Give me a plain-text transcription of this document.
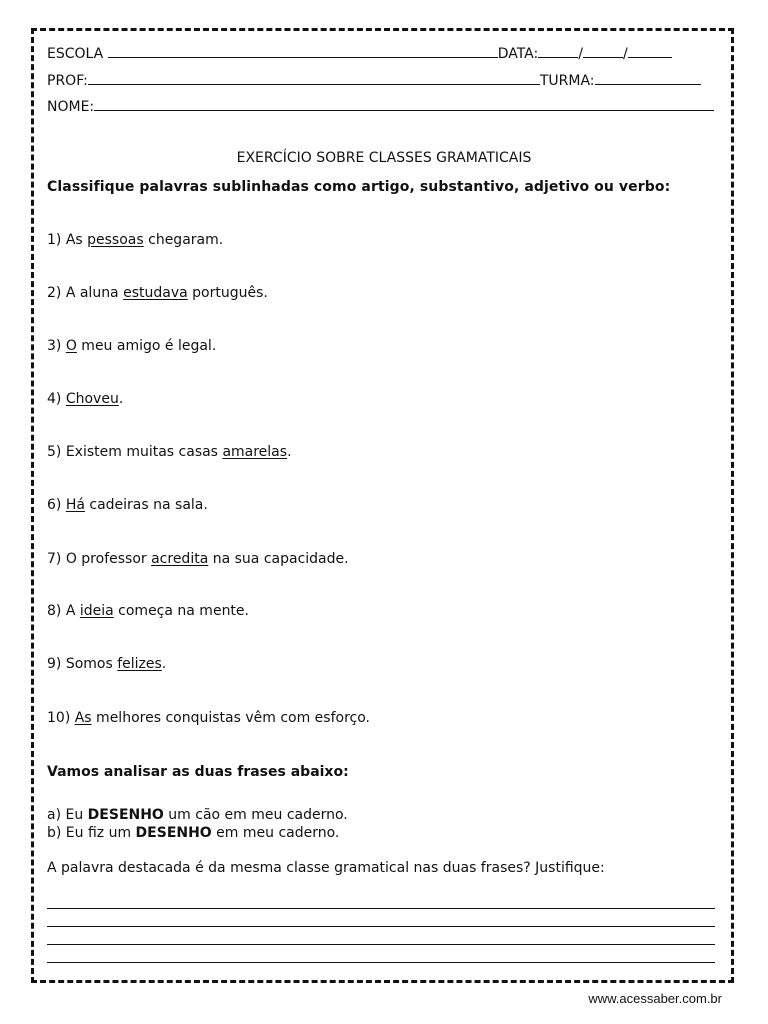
ESCOLA	DATA:	/	/
PROF:	TURMA:
NOME:
EXERCÍCIO SOBRE CLASSES GRAMATICAIS
Classifique palavras sublinhadas como artigo, substantivo, adjetivo ou verbo:
1) As pessoas chegaram.
2) A aluna estudava português.
3) O meu amigo é legal.
4) Choveu.
5) Existem muitas casas amarelas.
6) Há cadeiras na sala.
7) O professor acredita na sua capacidade.
8) A ideia começa na mente.
9) Somos felizes.
10) As melhores conquistas vêm com esforço.
Vamos analisar as duas frases abaixo:
a) Eu DESENHO um cão em meu caderno.
b) Eu fiz um DESENHO em meu caderno.
A palavra destacada é da mesma classe gramatical nas duas frases? Justifique:
www.acessaber.com.br
